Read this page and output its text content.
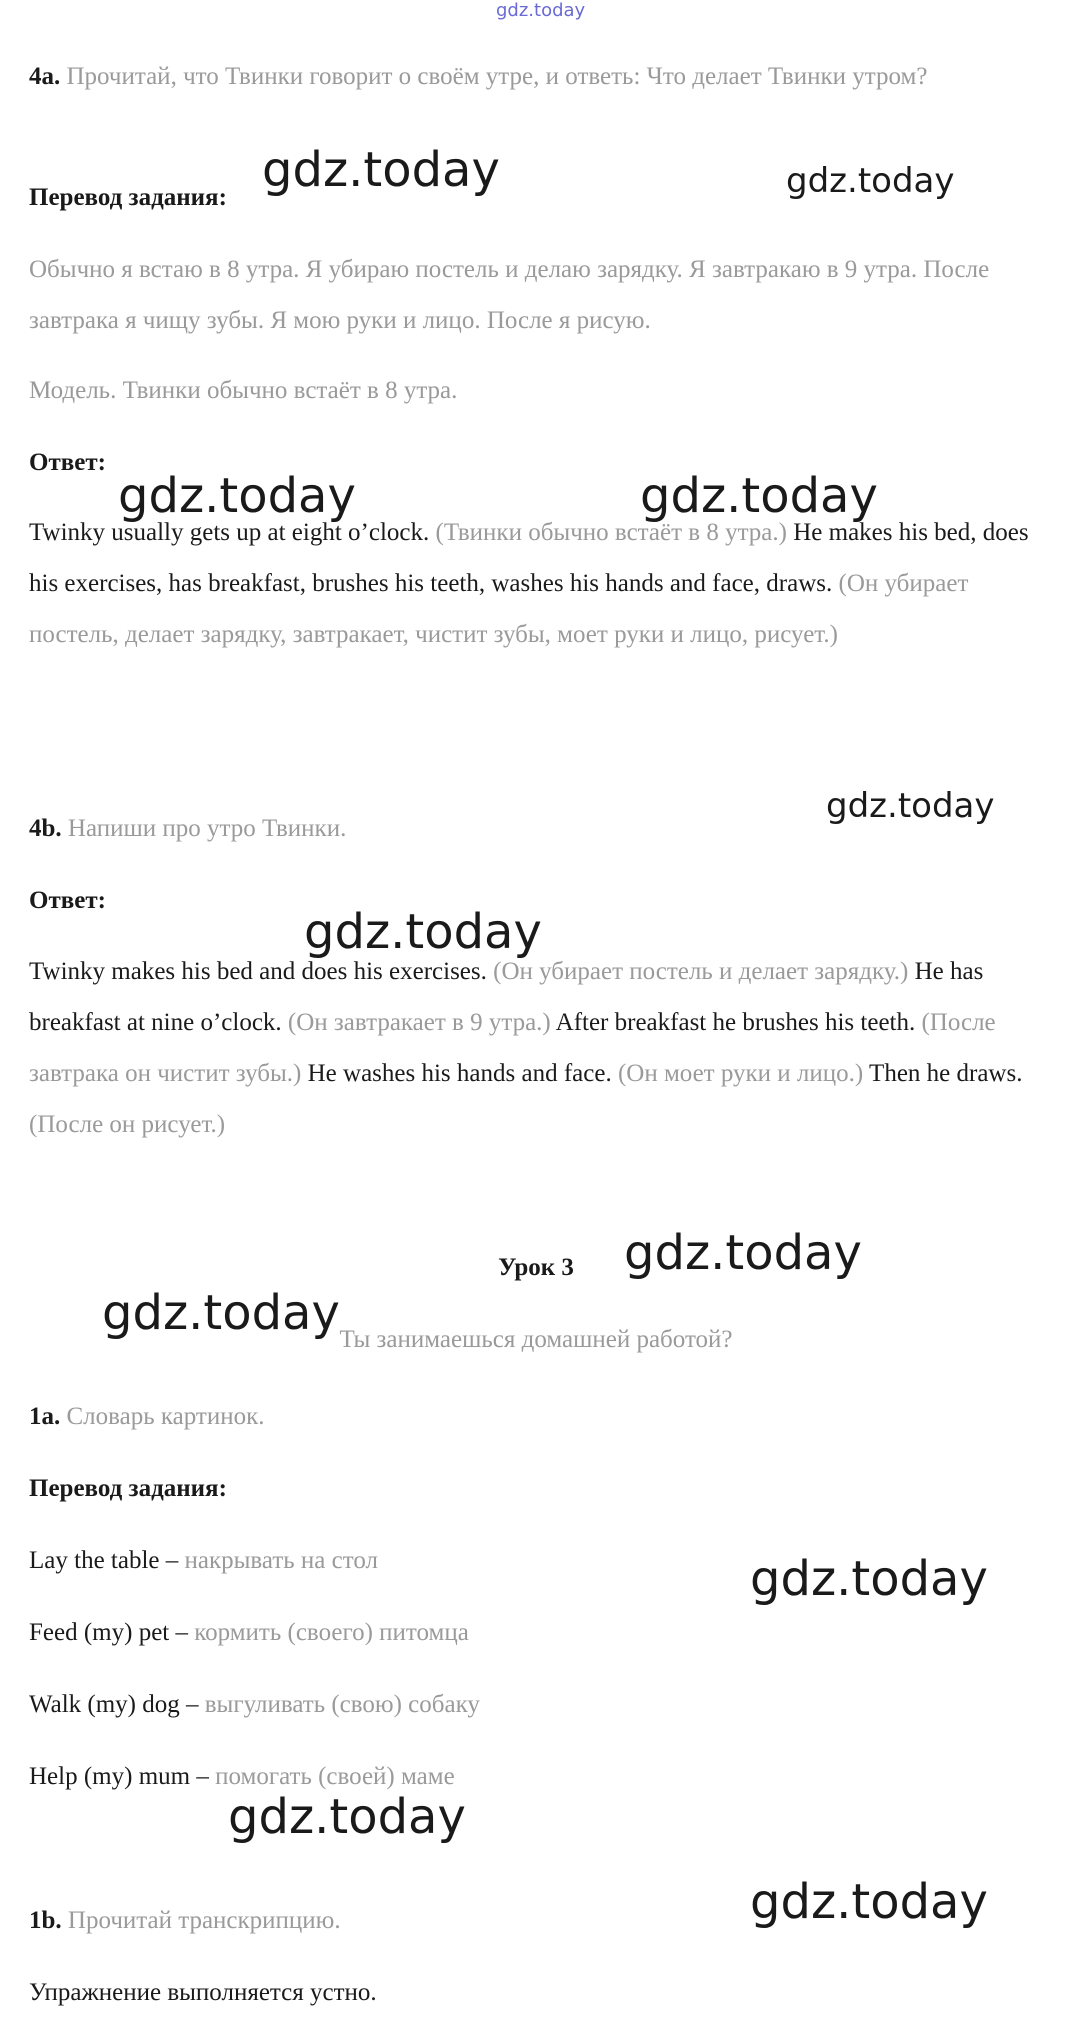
gdz.today

4a. Прочитай, что Твинки говорит о своём утре, и ответь: Что делает Твинки утром?

Перевод задания:

Обычно я встаю в 8 утра. Я убираю постель и делаю зарядку. Я завтракаю в 9 утра. После завтрака я чищу зубы. Я мою руки и лицо. После я рисую.

Модель. Твинки обычно встаёт в 8 утра.

Ответ:

Twinky usually gets up at eight o’clock. (Твинки обычно встаёт в 8 утра.) He makes his bed, does his exercises, has breakfast, brushes his teeth, washes his hands and face, draws. (Он убирает постель, делает зарядку, завтракает, чистит зубы, моет руки и лицо, рисует.)

4b. Напиши про утро Твинки.

Ответ:

Twinky makes his bed and does his exercises. (Он убирает постель и делает зарядку.) He has breakfast at nine o’clock. (Он завтракает в 9 утра.) After breakfast he brushes his teeth. (После завтрака он чистит зубы.) He washes his hands and face. (Он моет руки и лицо.) Then he draws. (После он рисует.)

Урок 3
Ты занимаешься домашней работой?

1a. Словарь картинок.

Перевод задания:

Lay the table – накрывать на стол

Feed (my) pet – кормить (своего) питомца

Walk (my) dog – выгуливать (свою) собаку

Help (my) mum – помогать (своей) маме

1b. Прочитай транскрипцию.

Упражнение выполняется устно.

gdz.today	gdz.today
gdz.today	gdz.today
gdz.today
gdz.today
gdz.today
gdz.today
gdz.today
gdz.today
gdz.today
